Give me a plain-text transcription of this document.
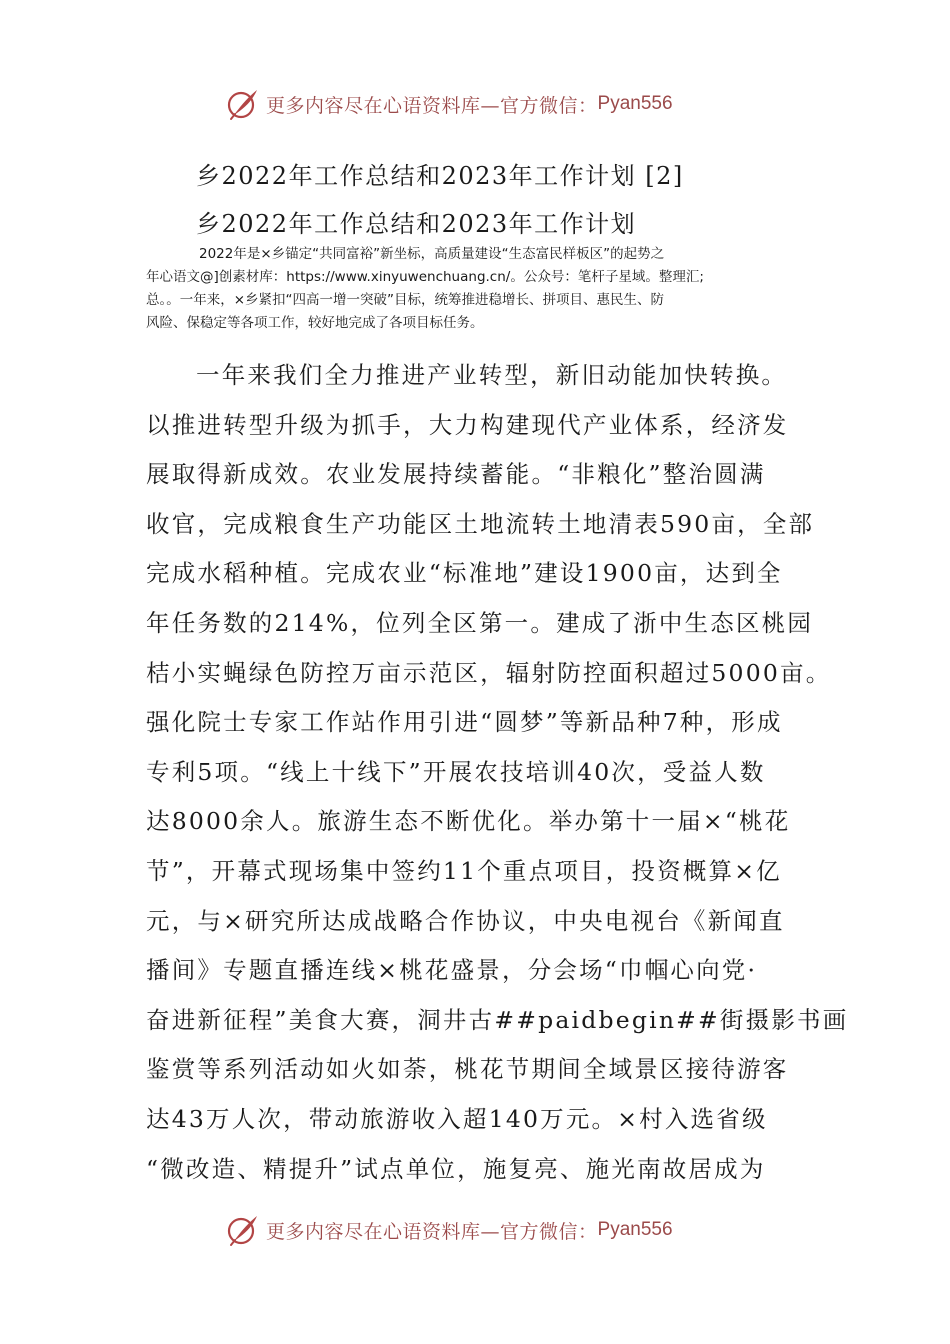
更多内容尽在心语资料库—官方微信： Pyan556
乡2022年工作总结和2023年工作计划 [2]
乡2022年工作总结和2023年工作计划
2022年是×乡锚定“共同富裕”新坐标，高质量建设“生态富民样板区”的起势之
年心语文@]创素材库：https://www.xinyuwenchuang.cn/。公众号：笔杆子星域。整理汇;
总。。一年来，×乡紧扣“四高一增一突破”目标，统筹推进稳增长、拼项目、惠民生、防
风险、保稳定等各项工作，较好地完成了各项目标任务。
一年来我们全力推进产业转型，新旧动能加快转换。
以推进转型升级为抓手，大力构建现代产业体系，经济发
展取得新成效。农业发展持续蓄能。“非粮化”整治圆满
收官，完成粮食生产功能区土地流转土地清表590亩，全部
完成水稻种植。完成农业“标准地”建设1900亩，达到全
年任务数的214%，位列全区第一。建成了浙中生态区桃园
桔小实蝇绿色防控万亩示范区，辐射防控面积超过5000亩。
强化院士专家工作站作用引进“圆梦”等新品种7种，形成
专利5项。“线上十线下”开展农技培训40次，受益人数
达8000余人。旅游生态不断优化。举办第十一届×“桃花
节”，开幕式现场集中签约11个重点项目，投资概算×亿
元，与×研究所达成战略合作协议，中央电视台《新闻直
播间》专题直播连线×桃花盛景，分会场“巾帼心向党·
奋进新征程”美食大赛，洞井古##paidbegin##街摄影书画
鉴赏等系列活动如火如荼，桃花节期间全域景区接待游客
达43万人次，带动旅游收入超140万元。×村入选省级
“微改造、精提升”试点单位，施复亮、施光南故居成为
更多内容尽在心语资料库—官方微信： Pyan556
